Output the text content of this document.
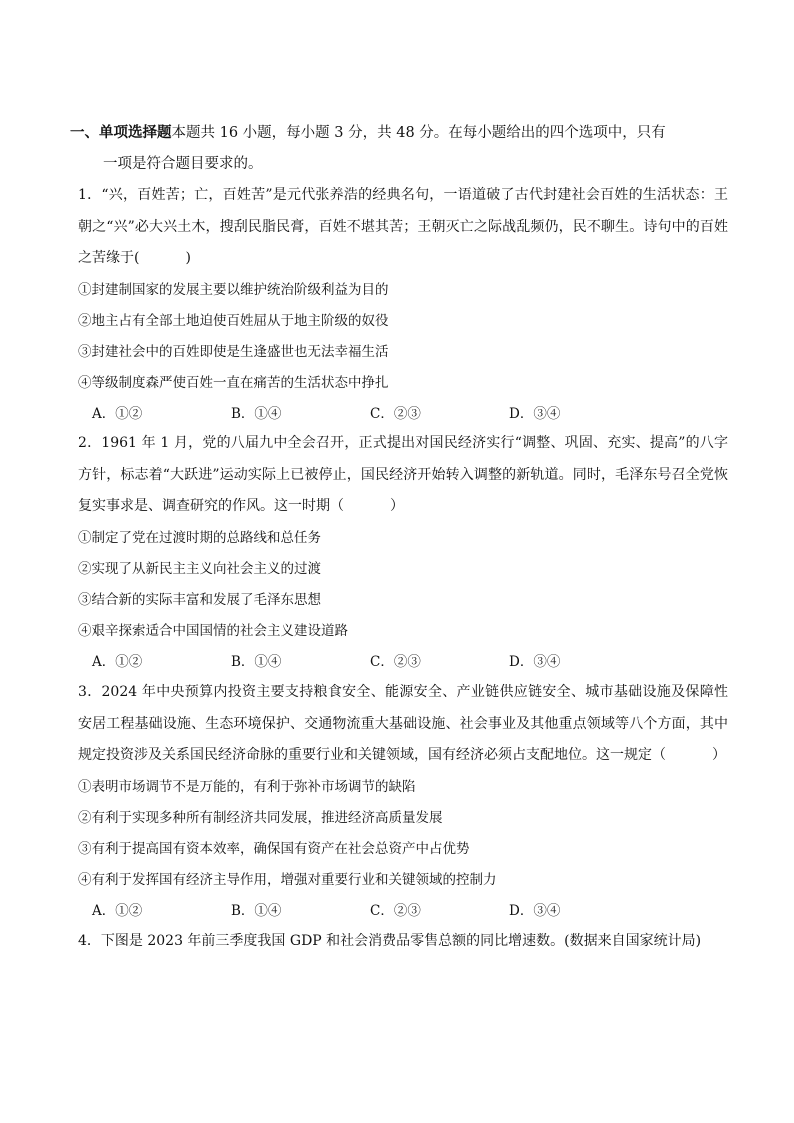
一、单项选择题本题共 16 小题，每小题 3 分，共 48 分。在每小题给出的四个选项中，只有
一项是符合题目要求的。
1．“兴，百姓苦；亡，百姓苦”是元代张养浩的经典名句，一语道破了古代封建社会百姓的生活状态：王朝之“兴”必大兴土木，搜刮民脂民膏，百姓不堪其苦；王朝灭亡之际战乱频仍，民不聊生。诗句中的百姓之苦缘于(	)
①封建制国家的发展主要以维护统治阶级利益为目的
②地主占有全部土地迫使百姓屈从于地主阶级的奴役
③封建社会中的百姓即使是生逢盛世也无法幸福生活
④等级制度森严使百姓一直在痛苦的生活状态中挣扎
A．①②	B．①④	C．②③	D．③④
2．1961 年 1 月，党的八届九中全会召开，正式提出对国民经济实行“调整、巩固、充实、提高”的八字方针，标志着“大跃进”运动实际上已被停止，国民经济开始转入调整的新轨道。同时，毛泽东号召全党恢复实事求是、调查研究的作风。这一时期（	）
①制定了党在过渡时期的总路线和总任务
②实现了从新民主主义向社会主义的过渡
③结合新的实际丰富和发展了毛泽东思想
④艰辛探索适合中国国情的社会主义建设道路
A．①②	B．①④	C．②③	D．③④
3．2024 年中央预算内投资主要支持粮食安全、能源安全、产业链供应链安全、城市基础设施及保障性安居工程基础设施、生态环境保护、交通物流重大基础设施、社会事业及其他重点领域等八个方面，其中规定投资涉及关系国民经济命脉的重要行业和关键领域，国有经济必须占支配地位。这一规定（	）
①表明市场调节不是万能的，有利于弥补市场调节的缺陷
②有利于实现多种所有制经济共同发展，推进经济高质量发展
③有利于提高国有资本效率，确保国有资产在社会总资产中占优势
④有利于发挥国有经济主导作用，增强对重要行业和关键领域的控制力
A．①②	B．①④	C．②③	D．③④
4．下图是 2023 年前三季度我国 GDP 和社会消费品零售总额的同比增速数。(数据来自国家统计局)
